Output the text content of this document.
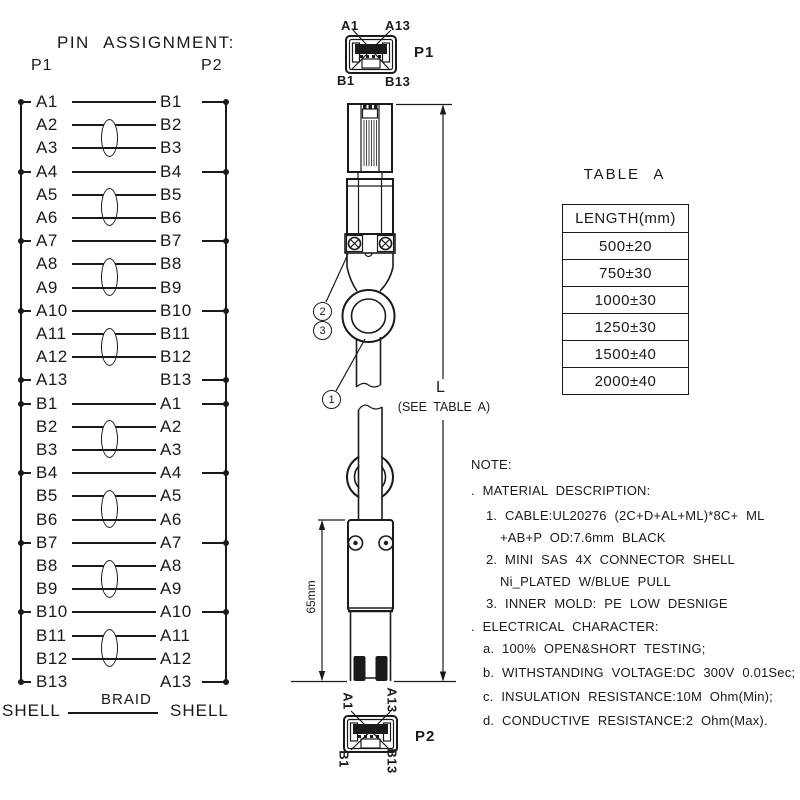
PIN ASSIGNMENT:
P1	P2
A1	B1
A2	B2
A3	B3
A4	B4
A5	B5
A6	B6
A7	B7
A8	B8
A9	B9
A10	B10
A11	B11
A12	B12
A13	B13
B1	A1
B2	A2
B3	A3
B4	A4
B5	A5
B6	A6
B7	A7
B8	A8
B9	A9
B10	A10
B11	A11
B12	A12
B13	A13
SHELL
BRAID
SHELL
A1 A13
B1 B13
P1
A1 A13
B1	B13
P2
2
3
1
L
(SEE TABLE A)
65mm
TABLE A
LENGTH(mm)
500±20
750±30
1000±30
1250±30
1500±40
2000±40
NOTE:
. MATERIAL DESCRIPTION:
1. CABLE:UL20276 (2C+D+AL+ML)*8C+ ML
+AB+P OD:7.6mm BLACK
2. MINI SAS 4X CONNECTOR SHELL
Ni_PLATED W/BLUE PULL
3. INNER MOLD: PE LOW DESNIGE
. ELECTRICAL CHARACTER:
a. 100% OPEN&SHORT TESTING;
b. WITHSTANDING VOLTAGE:DC 300V 0.01Sec;
c. INSULATION RESISTANCE:10M Ohm(Min);
d. CONDUCTIVE RESISTANCE:2 Ohm(Max).
